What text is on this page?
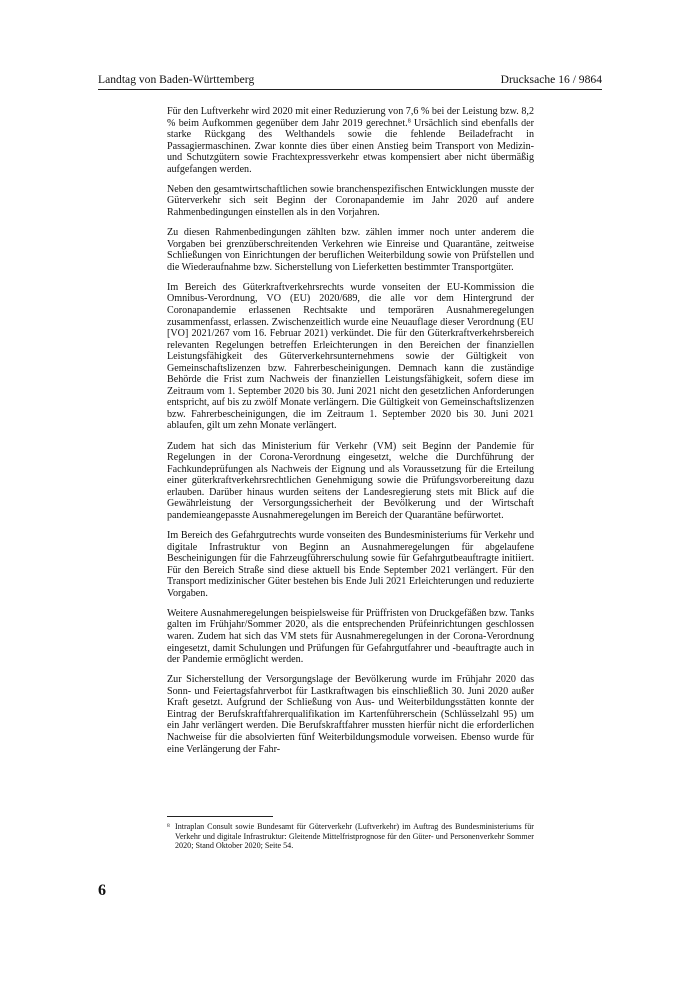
Landtag von Baden-Württemberg	Drucksache 16 / 9864

Für den Luftverkehr wird 2020 mit einer Reduzierung von 7,6 % bei der Leistung bzw. 8,2 % beim Aufkommen gegenüber dem Jahr 2019 gerechnet.$^8$ Ursächlich sind ebenfalls der starke Rückgang des Welthandels sowie die fehlende Beiladefracht in Passagiermaschinen. Zwar konnte dies über einen Anstieg beim Transport von Medizin- und Schutzgütern sowie Frachtexpressverkehr etwas kompensiert aber nicht übermäßig aufgefangen werden.

Neben den gesamtwirtschaftlichen sowie branchenspezifischen Entwicklungen musste der Güterverkehr sich seit Beginn der Coronapandemie im Jahr 2020 auf andere Rahmenbedingungen einstellen als in den Vorjahren.

Zu diesen Rahmenbedingungen zählten bzw. zählen immer noch unter anderem die Vorgaben bei grenzüberschreitenden Verkehren wie Einreise und Quarantäne, zeitweise Schließungen von Einrichtungen der beruflichen Weiterbildung sowie von Prüfstellen und die Wiederaufnahme bzw. Sicherstellung von Lieferketten bestimmter Transportgüter.

Im Bereich des Güterkraftverkehrsrechts wurde vonseiten der EU-Kommission die Omnibus-Verordnung, VO (EU) 2020/689, die alle vor dem Hintergrund der Coronapandemie erlassenen Rechtsakte und temporären Ausnahmeregelungen zusammenfasst, erlassen. Zwischenzeitlich wurde eine Neuauflage dieser Verordnung (EU [VO] 2021/267 vom 16. Februar 2021) verkündet. Die für den Güterkraftverkehrsbereich relevanten Regelungen betreffen Erleichterungen in den Bereichen der finanziellen Leistungsfähigkeit des Güterverkehrsunternehmens sowie der Gültigkeit von Gemeinschaftslizenzen bzw. Fahrerbescheinigungen. Demnach kann die zuständige Behörde die Frist zum Nachweis der finanziellen Leistungsfähigkeit, sofern diese im Zeitraum vom 1. September 2020 bis 30. Juni 2021 nicht den gesetzlichen Anforderungen entspricht, auf bis zu zwölf Monate verlängern. Die Gültigkeit von Gemeinschaftslizenzen bzw. Fahrerbescheinigungen, die im Zeitraum 1. September 2020 bis 30. Juni 2021 ablaufen, gilt um zehn Monate verlängert.

Zudem hat sich das Ministerium für Verkehr (VM) seit Beginn der Pandemie für Regelungen in der Corona-Verordnung eingesetzt, welche die Durchführung der Fachkundeprüfungen als Nachweis der Eignung und als Voraussetzung für die Erteilung einer güterkraftverkehrsrechtlichen Genehmigung sowie die Prüfungsvorbereitung dazu erlauben. Darüber hinaus wurden seitens der Landesregierung stets mit Blick auf die Gewährleistung der Versorgungssicherheit der Bevölkerung und der Wirtschaft pandemieangepasste Ausnahmeregelungen im Bereich der Quarantäne befürwortet.

Im Bereich des Gefahrgutrechts wurde vonseiten des Bundesministeriums für Verkehr und digitale Infrastruktur von Beginn an Ausnahmeregelungen für abgelaufene Bescheinigungen für die Fahrzeugführerschulung sowie für Gefahrgutbeauftragte initiiert. Für den Bereich Straße sind diese aktuell bis Ende September 2021 verlängert. Für den Transport medizinischer Güter bestehen bis Ende Juli 2021 Erleichterungen und reduzierte Vorgaben.

Weitere Ausnahmeregelungen beispielsweise für Prüffristen von Druckgefäßen bzw. Tanks galten im Frühjahr/Sommer 2020, als die entsprechenden Prüfeinrichtungen geschlossen waren. Zudem hat sich das VM stets für Ausnahmeregelungen in der Corona-Verordnung eingesetzt, damit Schulungen und Prüfungen für Gefahrgutfahrer und -beauftragte auch in der Pandemie ermöglicht werden.

Zur Sicherstellung der Versorgungslage der Bevölkerung wurde im Frühjahr 2020 das Sonn- und Feiertagsfahrverbot für Lastkraftwagen bis einschließlich 30. Juni 2020 außer Kraft gesetzt. Aufgrund der Schließung von Aus- und Weiterbildungsstätten konnte der Eintrag der Berufskraftfahrerqualifikation im Kartenführerschein (Schlüsselzahl 95) um ein Jahr verlängert werden. Die Berufskraftfahrer mussten hierfür nicht die erforderlichen Nachweise für die absolvierten fünf Weiterbildungsmodule vorweisen. Ebenso wurde für eine Verlängerung der Fahr-

8 Intraplan Consult sowie Bundesamt für Güterverkehr (Luftverkehr) im Auftrag des Bundesministeriums für Verkehr und digitale Infrastruktur: Gleitende Mittelfristprognose für den Güter- und Personenverkehr Sommer 2020; Stand Oktober 2020; Seite 54.
6
